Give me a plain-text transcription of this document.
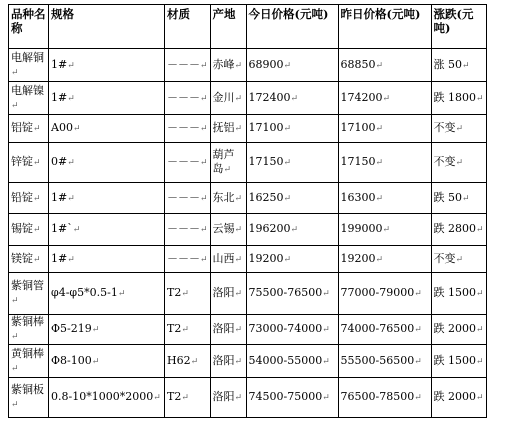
品种名称	规格	材质	产地	今日价格(元吨)	昨日价格(元吨)	涨跌(元吨)
电解铜↵	1#↵	－－－↵	赤峰↵	68900↵	68850↵	涨 50↵
电解镍↵	1#↵	－－－↵	金川↵	172400↵	174200↵	跌 1800↵
铝锭↵	A00↵	－－－↵	抚铝↵	17100↵	17100↵	不变↵
锌锭↵	0#↵	－－－↵	葫芦岛↵	17150↵	17150↵	不变↵
铅锭↵	1#↵	－－－↵	东北↵	16250↵	16300↵	跌 50↵
锡锭↵	1#`↵	－－－↵	云锡↵	196200↵	199000↵	跌 2800↵
镁锭↵	1#↵	－－－↵	山西↵	19200↵	19200↵	不变↵
紫铜管↵	φ4-φ5*0.5-1↵	T2↵	洛阳↵	75500-76500↵	77000-79000↵	跌 1500↵
紫铜棒↵	Φ5-219↵	T2↵	洛阳↵	73000-74000↵	74000-76500↵	跌 2000↵
黄铜棒↵	Φ8-100↵	H62↵	洛阳↵	54000-55000↵	55500-56500↵	跌 1500↵
紫铜板↵	0.8-10*1000*2000↵	T2↵	洛阳↵	74500-75000↵	76500-78500↵	跌 2000↵
